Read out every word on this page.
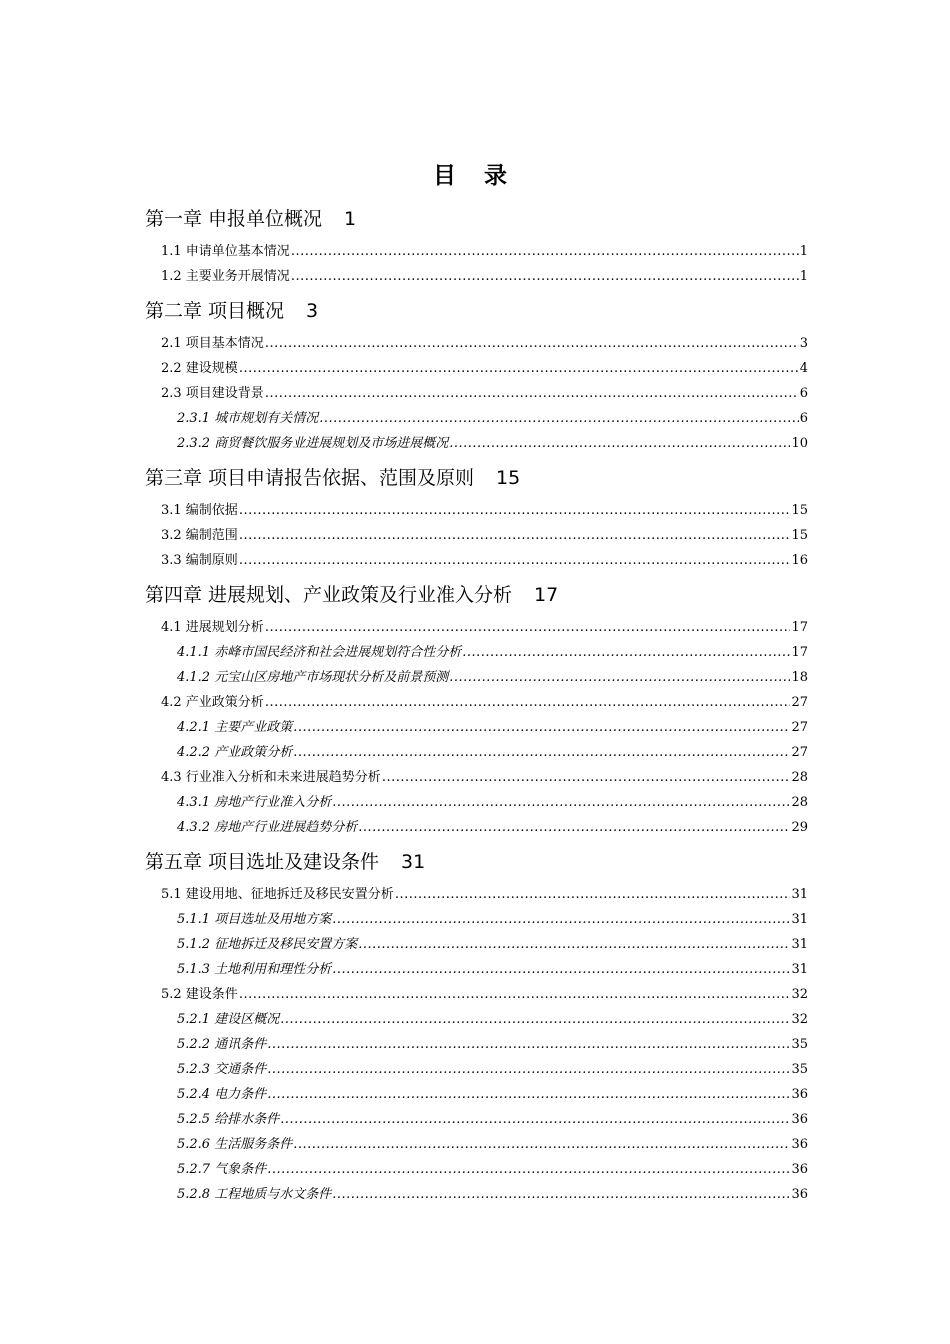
目 录
第一章 申报单位概况 1
1.1 申请单位基本情况 .....	1
1.2 主要业务开展情况 .....	1
第二章 项目概况 3
2.1 项目基本情况 .....	3
2.2 建设规模 .....	4
2.3 项目建设背景 .....	6
2.3.1 城市规划有关情况 .....	6
2.3.2 商贸餐饮服务业进展规划及市场进展概况 .....	10
第三章 项目申请报告依据、范围及原则 15
3.1 编制依据 .....	15
3.2 编制范围 .....	15
3.3 编制原则 .....	16
第四章 进展规划、产业政策及行业准入分析 17
4.1 进展规划分析 .....	17
4.1.1 赤峰市国民经济和社会进展规划符合性分析 .....	17
4.1.2 元宝山区房地产市场现状分析及前景预测 .....	18
4.2 产业政策分析 .....	27
4.2.1 主要产业政策 .....	27
4.2.2 产业政策分析 .....	27
4.3 行业准入分析和未来进展趋势分析 .....	28
4.3.1 房地产行业准入分析 .....	28
4.3.2 房地产行业进展趋势分析 .....	29
第五章 项目选址及建设条件 31
5.1 建设用地、征地拆迁及移民安置分析 .....	31
5.1.1 项目选址及用地方案 .....	31
5.1.2 征地拆迁及移民安置方案 .....	31
5.1.3 土地利用和理性分析 .....	31
5.2 建设条件 .....	32
5.2.1 建设区概况 .....	32
5.2.2 通讯条件 .....	35
5.2.3 交通条件 .....	35
5.2.4 电力条件 .....	36
5.2.5 给排水条件 .....	36
5.2.6 生活服务条件 .....	36
5.2.7 气象条件 .....	36
5.2.8 工程地质与水文条件 .....	36
